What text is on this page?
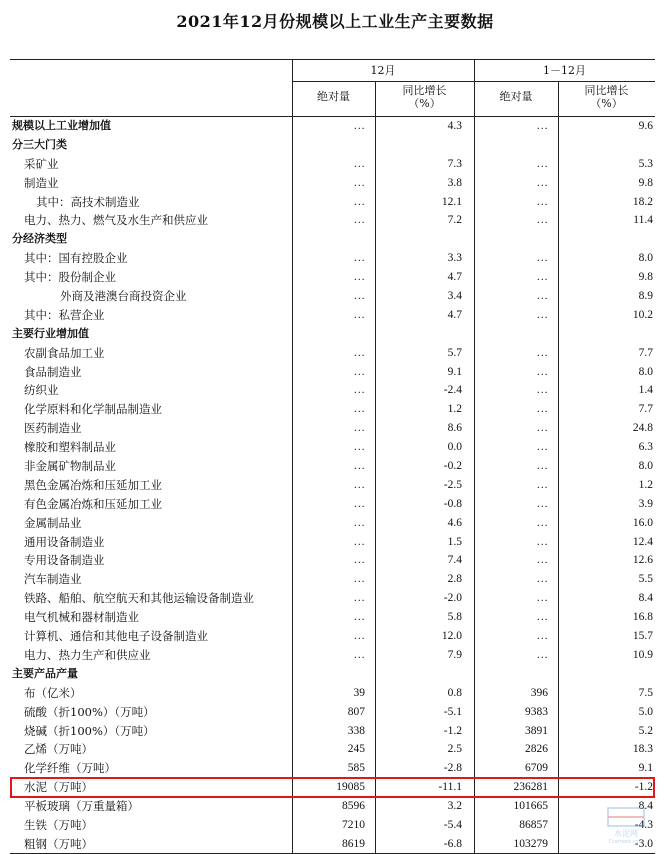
2021年12月份规模以上工业生产主要数据
12月	1－12月
绝对量	同比增长
（%）
绝对量	同比增长
（%）
规模以上工业增加值	…	4.3	…	9.6
分三大门类
采矿业	…	7.3	…	5.3
制造业	…	3.8	…	9.8
其中：高技术制造业	…	12.1	…	18.2
电力、热力、燃气及水生产和供应业	…	7.2	…	11.4
分经济类型
其中：国有控股企业	…	3.3	…	8.0
其中：股份制企业	…	4.7	…	9.8
外商及港澳台商投资企业	…	3.4	…	8.9
其中：私营企业	…	4.7	…	10.2
主要行业增加值
农副食品加工业	…	5.7	…	7.7
食品制造业	…	9.1	…	8.0
纺织业	…	-2.4	…	1.4
化学原料和化学制品制造业	…	1.2	…	7.7
医药制造业	…	8.6	…	24.8
橡胶和塑料制品业	…	0.0	…	6.3
非金属矿物制品业	…	-0.2	…	8.0
黑色金属冶炼和压延加工业	…	-2.5	…	1.2
有色金属冶炼和压延加工业	…	-0.8	…	3.9
金属制品业	…	4.6	…	16.0
通用设备制造业	…	1.5	…	12.4
专用设备制造业	…	7.4	…	12.6
汽车制造业	…	2.8	…	5.5
铁路、船舶、航空航天和其他运输设备制造业	…	-2.0	…	8.4
电气机械和器材制造业	…	5.8	…	16.8
计算机、通信和其他电子设备制造业	…	12.0	…	15.7
电力、热力生产和供应业	…	7.9	…	10.9
主要产品产量
布（亿米）	39	0.8	396	7.5
硫酸（折100%）（万吨）	807	-5.1	9383	5.0
烧碱（折100%）（万吨）	338	-1.2	3891	5.2
乙烯（万吨）	245	2.5	2826	18.3
化学纤维（万吨）	585	-2.8	6709	9.1
水泥（万吨）	19085	-11.1	236281	-1.2
平板玻璃（万重量箱）	8596	3.2	101665	8.4
生铁（万吨）	7210	-5.4	86857	-4.3
粗钢（万吨）	8619	-6.8	103279	-3.0
水泥网
Ccement.com
